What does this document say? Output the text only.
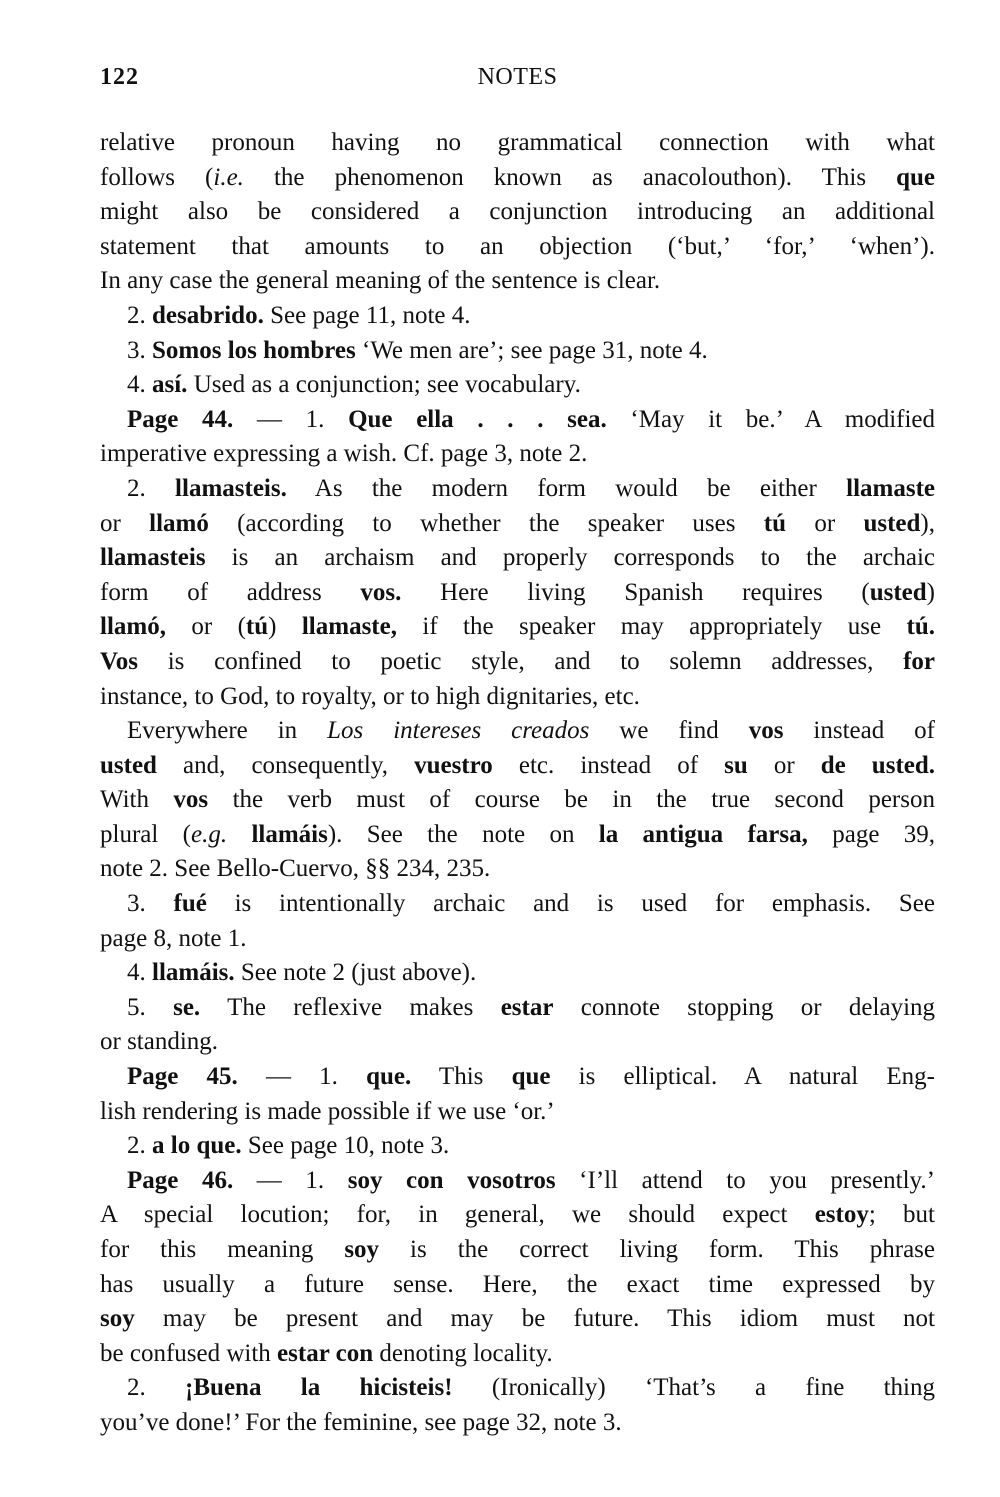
122	NOTES
relative pronoun having no grammatical connection with what
follows (i.e. the phenomenon known as anacolouthon). This que
might also be considered a conjunction introducing an additional
statement that amounts to an objection (‘but,’ ‘for,’ ‘when’).
In any case the general meaning of the sentence is clear.
2. desabrido. See page 11, note 4.
3. Somos los hombres ‘We men are’; see page 31, note 4.
4. así. Used as a conjunction; see vocabulary.
Page 44. — 1. Que ella . . . sea. ‘May it be.’ A modified
imperative expressing a wish. Cf. page 3, note 2.
2. llamasteis. As the modern form would be either llamaste
or llamó (according to whether the speaker uses tú or usted),
llamasteis is an archaism and properly corresponds to the archaic
form of address vos. Here living Spanish requires (usted)
llamó, or (tú) llamaste, if the speaker may appropriately use tú.
Vos is confined to poetic style, and to solemn addresses, for
instance, to God, to royalty, or to high dignitaries, etc.
Everywhere in Los intereses creados we find vos instead of
usted and, consequently, vuestro etc. instead of su or de usted.
With vos the verb must of course be in the true second person
plural (e.g. llamáis). See the note on la antigua farsa, page 39,
note 2. See Bello-Cuervo, §§ 234, 235.
3. fué is intentionally archaic and is used for emphasis. See
page 8, note 1.
4. llamáis. See note 2 (just above).
5. se. The reflexive makes estar connote stopping or delaying
or standing.
Page 45. — 1. que. This que is elliptical. A natural Eng-
lish rendering is made possible if we use ‘or.’
2. a lo que. See page 10, note 3.
Page 46. — 1. soy con vosotros ‘I’ll attend to you presently.’
A special locution; for, in general, we should expect estoy; but
for this meaning soy is the correct living form. This phrase
has usually a future sense. Here, the exact time expressed by
soy may be present and may be future. This idiom must not
be confused with estar con denoting locality.
2. ¡Buena la hicisteis! (Ironically) ‘That’s a fine thing
you’ve done!’ For the feminine, see page 32, note 3.
